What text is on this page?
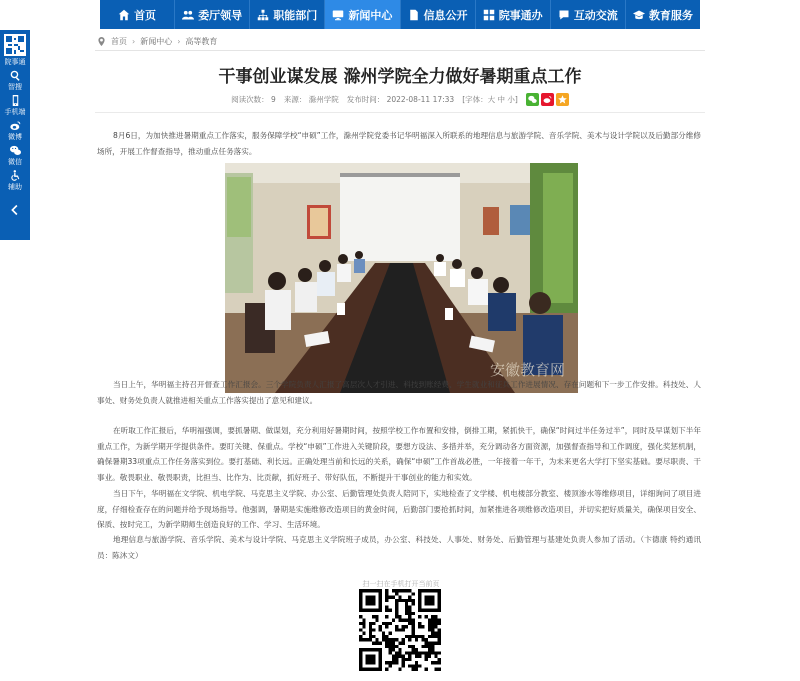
首页	委厅领导	职能部门	新闻中心	信息公开	院事通办	互动交流	教育服务
院事通
智搜
手机端
微博
微信
辅助
首页 › 新闻中心 › 高等教育
干事创业谋发展 滁州学院全力做好暑期重点工作
阅读次数： 9 来源： 滁州学院 发布时间： 2022-08-11 17:33 [字体：大 中 小]

8月6日，为加快推进暑期重点工作落实，服务保障学校“申硕”工作，滁州学院党委书记华明福深入所联系的地理信息与旅游学院、音乐学院、美术与设计学院以及后勤部分维修场所，开展工作督查指导，推动重点任务落实。

安徽教育网

当日上午，华明福主持召开督查工作汇报会。三个学院负责人汇报了高层次人才引进、科技到账经费、学生就业和征兵工作进展情况、存在问题和下一步工作安排。科技处、人事处、财务处负责人就推进相关重点工作落实提出了意见和建议。

在听取工作汇报后，华明福强调，要抓暑期、做谋划，充分利用好暑期时间，按照学校工作布置和安排，倒排工期，紧抓快干，确保“时间过半任务过半”，同时及早谋划下半年重点工作，为新学期开学提供条件。要盯关键、保重点。学校“申硕”工作进入关键阶段，要想方设法、多措并举，充分调动各方面资源，加强督查指导和工作调度，强化奖惩机制，确保暑期33项重点工作任务落实到位。要打基础、利长远。正确处理当前和长远的关系，确保“申硕”工作首战必胜，一年接着一年干，为未来更名大学打下坚实基础。要尽职责、干事业。敬畏职业、敬畏职责，比担当、比作为、比贡献，抓好班子、带好队伍，不断提升干事创业的能力和实效。

当日下午，华明福在文学院、机电学院、马克思主义学院、办公室、后勤管理处负责人陪同下，实地检查了文学楼、机电楼部分教室、楼顶渗水等维修项目，详细询问了项目进度，仔细检查存在的问题并给予现场指导。他强调，暑期是实施维修改造项目的黄金时间，后勤部门要抢抓时间，加紧推进各项维修改造项目，并切实把好质量关，确保项目安全、保质、按时完工，为新学期师生创造良好的工作、学习、生活环境。

地理信息与旅游学院、音乐学院、美术与设计学院、马克思主义学院班子成员，办公室、科技处、人事处、财务处、后勤管理与基建处负责人参加了活动。（卞德康 特约通讯员：陈沐文）

扫一扫在手机打开当前页
